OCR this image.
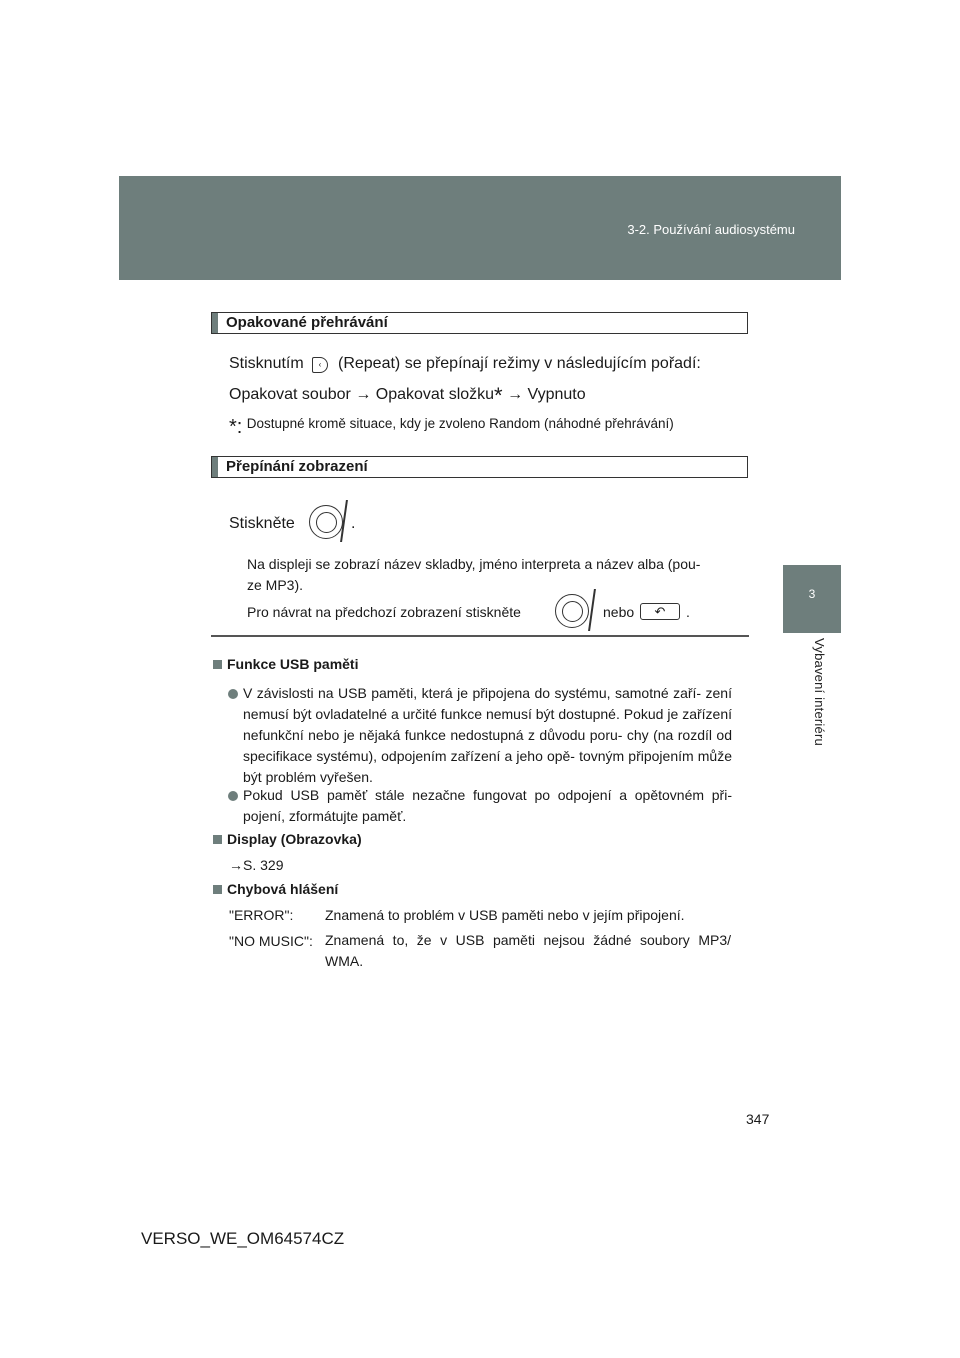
3-2. Používání audiosystému
3
Vybavení interiéru
Opakované přehrávání
Stisknutím	‹	(Repeat) se přepínají režimy v následujícím pořadí:
Opakovat soubor → Opakovat složku* → Vypnuto
*: Dostupné kromě situace, kdy je zvoleno Random (náhodné přehrávání)
Přepínání zobrazení
Stiskněte	.
Na displeji se zobrazí název skladby, jméno interpreta a název alba (pou-
ze MP3).
Pro návrat na předchozí zobrazení stiskněte	nebo	↶	.
Funkce USB paměti
V závislosti na USB paměti, která je připojena do systému, samotné zaří- zení nemusí být ovladatelné a určité funkce nemusí být dostupné. Pokud je zařízení nefunkční nebo je nějaká funkce nedostupná z důvodu poru- chy (na rozdíl od specifikace systému), odpojením zařízení a jeho opě- tovným připojením může být problém vyřešen.
Pokud USB paměť stále nezačne fungovat po odpojení a opětovném při- pojení, zformátujte paměť.
Display (Obrazovka)
→S. 329
Chybová hlášení
"ERROR": Znamená to problém v USB paměti nebo v jejím připojení.
"NO MUSIC": Znamená to, že v USB paměti nejsou žádné soubory MP3/ WMA.
347
VERSO_WE_OM64574CZ
